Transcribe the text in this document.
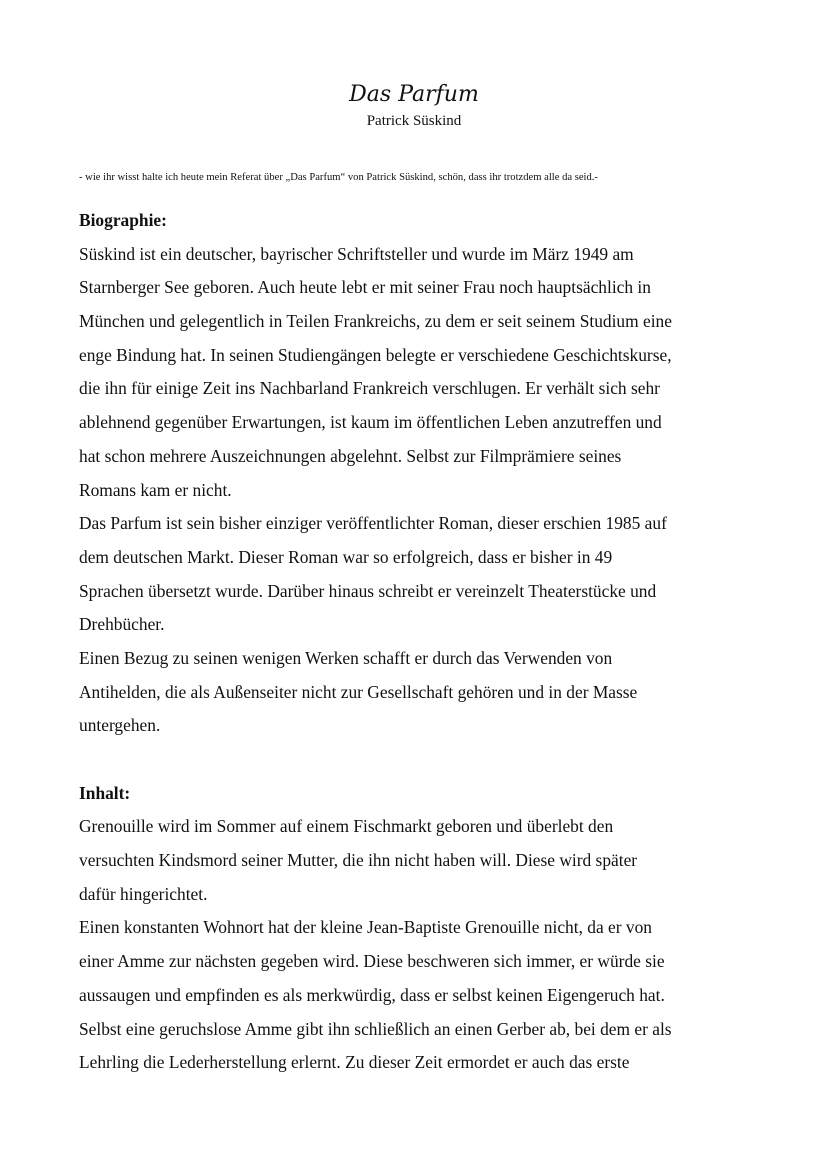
Das Parfum
Patrick Süskind
- wie ihr wisst halte ich heute mein Referat über „Das Parfum“ von Patrick Süskind, schön, dass ihr trotzdem alle da seid.-
Biographie:
Süskind ist ein deutscher, bayrischer Schriftsteller und wurde im März 1949 am
Starnberger See geboren. Auch heute lebt er mit seiner Frau noch hauptsächlich in
München und gelegentlich in Teilen Frankreichs, zu dem er seit seinem Studium eine
enge Bindung hat. In seinen Studiengängen belegte er verschiedene Geschichtskurse,
die ihn für einige Zeit ins Nachbarland Frankreich verschlugen. Er verhält sich sehr
ablehnend gegenüber Erwartungen, ist kaum im öffentlichen Leben anzutreffen und
hat schon mehrere Auszeichnungen abgelehnt. Selbst zur Filmprämiere seines
Romans kam er nicht.
Das Parfum ist sein bisher einziger veröffentlichter Roman, dieser erschien 1985 auf
dem deutschen Markt. Dieser Roman war so erfolgreich, dass er bisher in 49
Sprachen übersetzt wurde. Darüber hinaus schreibt er vereinzelt Theaterstücke und
Drehbücher.
Einen Bezug zu seinen wenigen Werken schafft er durch das Verwenden von
Antihelden, die als Außenseiter nicht zur Gesellschaft gehören und in der Masse
untergehen.
Inhalt:
Grenouille wird im Sommer auf einem Fischmarkt geboren und überlebt den
versuchten Kindsmord seiner Mutter, die ihn nicht haben will. Diese wird später
dafür hingerichtet.
Einen konstanten Wohnort hat der kleine Jean-Baptiste Grenouille nicht, da er von
einer Amme zur nächsten gegeben wird. Diese beschweren sich immer, er würde sie
aussaugen und empfinden es als merkwürdig, dass er selbst keinen Eigengeruch hat.
Selbst eine geruchslose Amme gibt ihn schließlich an einen Gerber ab, bei dem er als
Lehrling die Lederherstellung erlernt. Zu dieser Zeit ermordet er auch das erste
